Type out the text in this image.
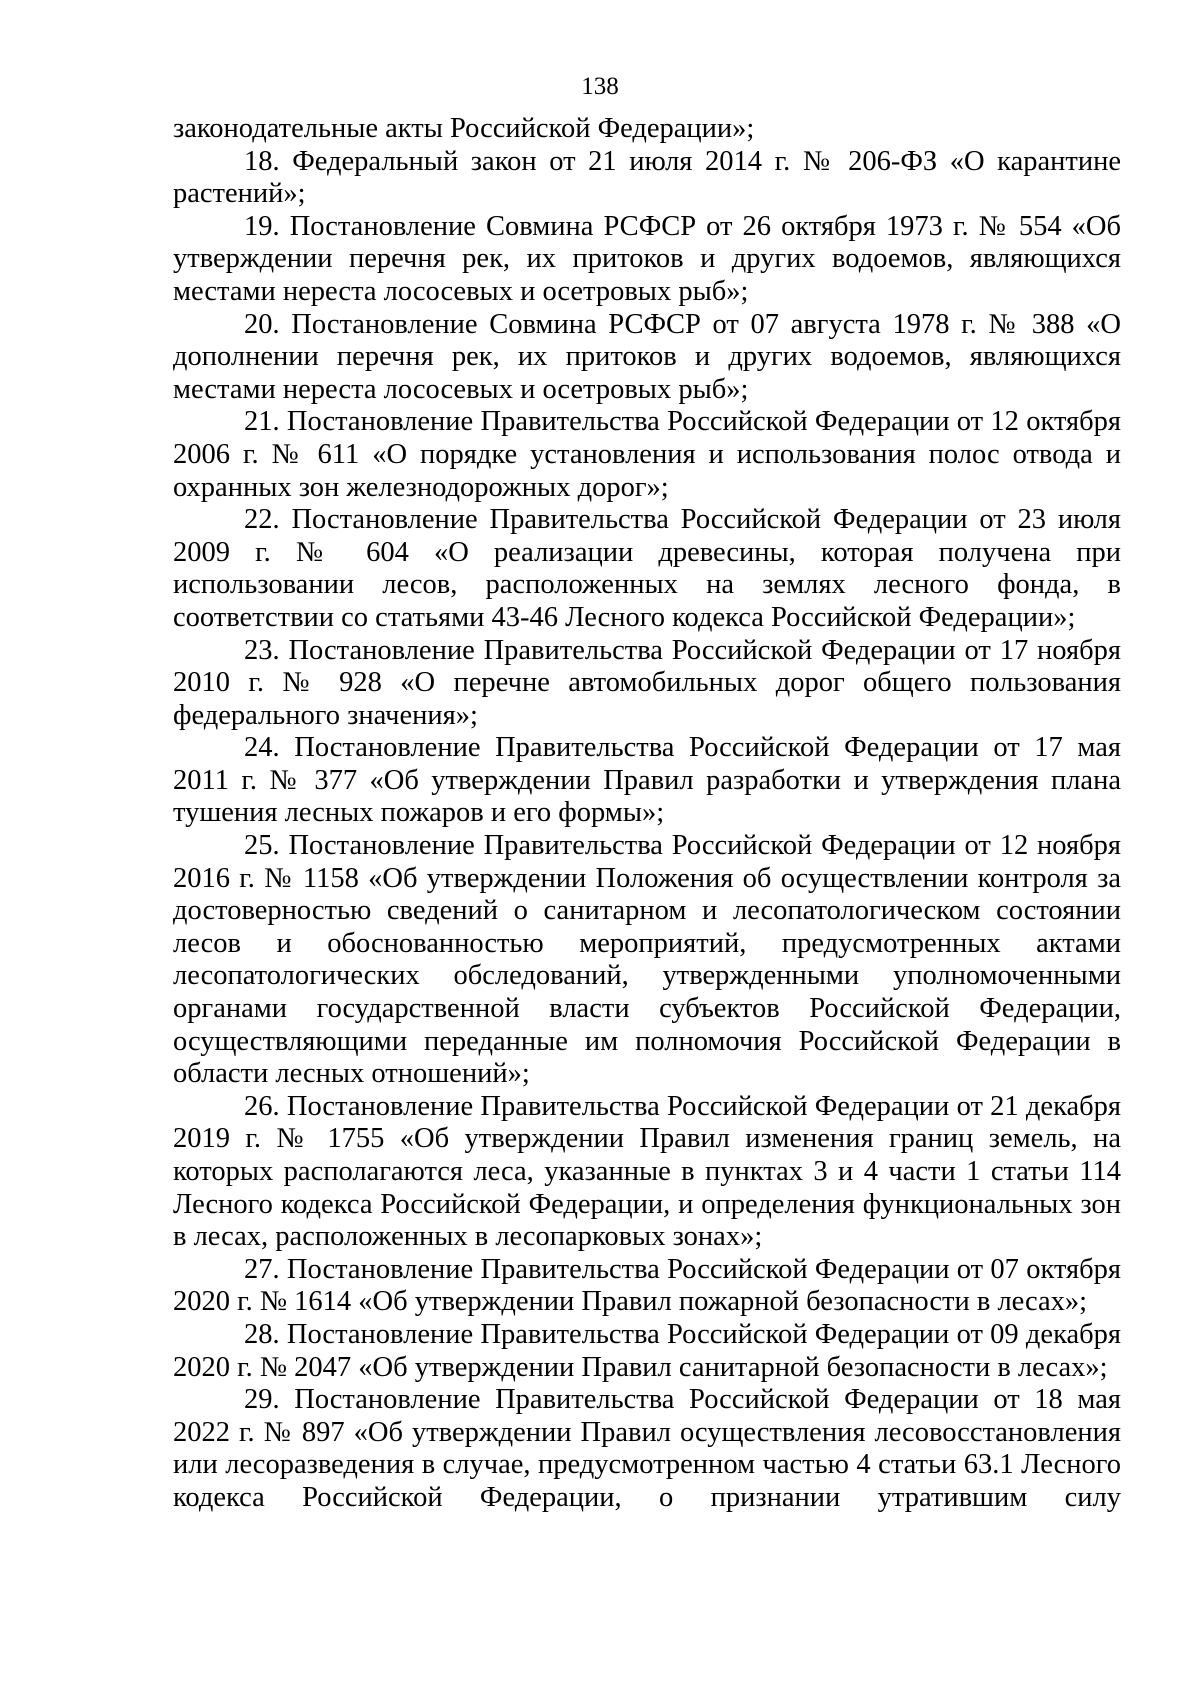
138

законодательные акты Российской Федерации»;

18. Федеральный закон от 21 июля 2014 г. № 206-ФЗ «О карантине растений»;

19. Постановление Совмина РСФСР от 26 октября 1973 г. № 554 «Об утверждении перечня рек, их притоков и других водоемов, являющихся местами нереста лососевых и осетровых рыб»;

20. Постановление Совмина РСФСР от 07 августа 1978 г. № 388 «О дополнении перечня рек, их притоков и других водоемов, являющихся местами нереста лососевых и осетровых рыб»;

21. Постановление Правительства Российской Федерации от 12 октября 2006 г. № 611 «О порядке установления и использования полос отвода и охранных зон железнодорожных дорог»;

22. Постановление Правительства Российской Федерации от 23 июля 2009 г. № 604 «О реализации древесины, которая получена при использовании лесов, расположенных на землях лесного фонда, в соответствии со статьями 43-46 Лесного кодекса Российской Федерации»;

23. Постановление Правительства Российской Федерации от 17 ноября 2010 г. № 928 «О перечне автомобильных дорог общего пользования федерального значения»;

24. Постановление Правительства Российской Федерации от 17 мая 2011 г. № 377 «Об утверждении Правил разработки и утверждения плана тушения лесных пожаров и его формы»;

25. Постановление Правительства Российской Федерации от 12 ноября 2016 г. № 1158 «Об утверждении Положения об осуществлении контроля за достоверностью сведений о санитарном и лесопатологическом состоянии лесов и обоснованностью мероприятий, предусмотренных актами лесопатологических обследований, утвержденными уполномоченными органами государственной власти субъектов Российской Федерации, осуществляющими переданные им полномочия Российской Федерации в области лесных отношений»;

26. Постановление Правительства Российской Федерации от 21 декабря 2019 г. № 1755 «Об утверждении Правил изменения границ земель, на которых располагаются леса, указанные в пунктах 3 и 4 части 1 статьи 114 Лесного кодекса Российской Федерации, и определения функциональных зон в лесах, расположенных в лесопарковых зонах»;

27. Постановление Правительства Российской Федерации от 07 октября 2020 г. № 1614 «Об утверждении Правил пожарной безопасности в лесах»;

28. Постановление Правительства Российской Федерации от 09 декабря 2020 г. № 2047 «Об утверждении Правил санитарной безопасности в лесах»;

29. Постановление Правительства Российской Федерации от 18 мая 2022 г. № 897 «Об утверждении Правил осуществления лесовосстановления или лесоразведения в случае, предусмотренном частью 4 статьи 63.1 Лесного кодекса Российской Федерации, о признании утратившим силу
